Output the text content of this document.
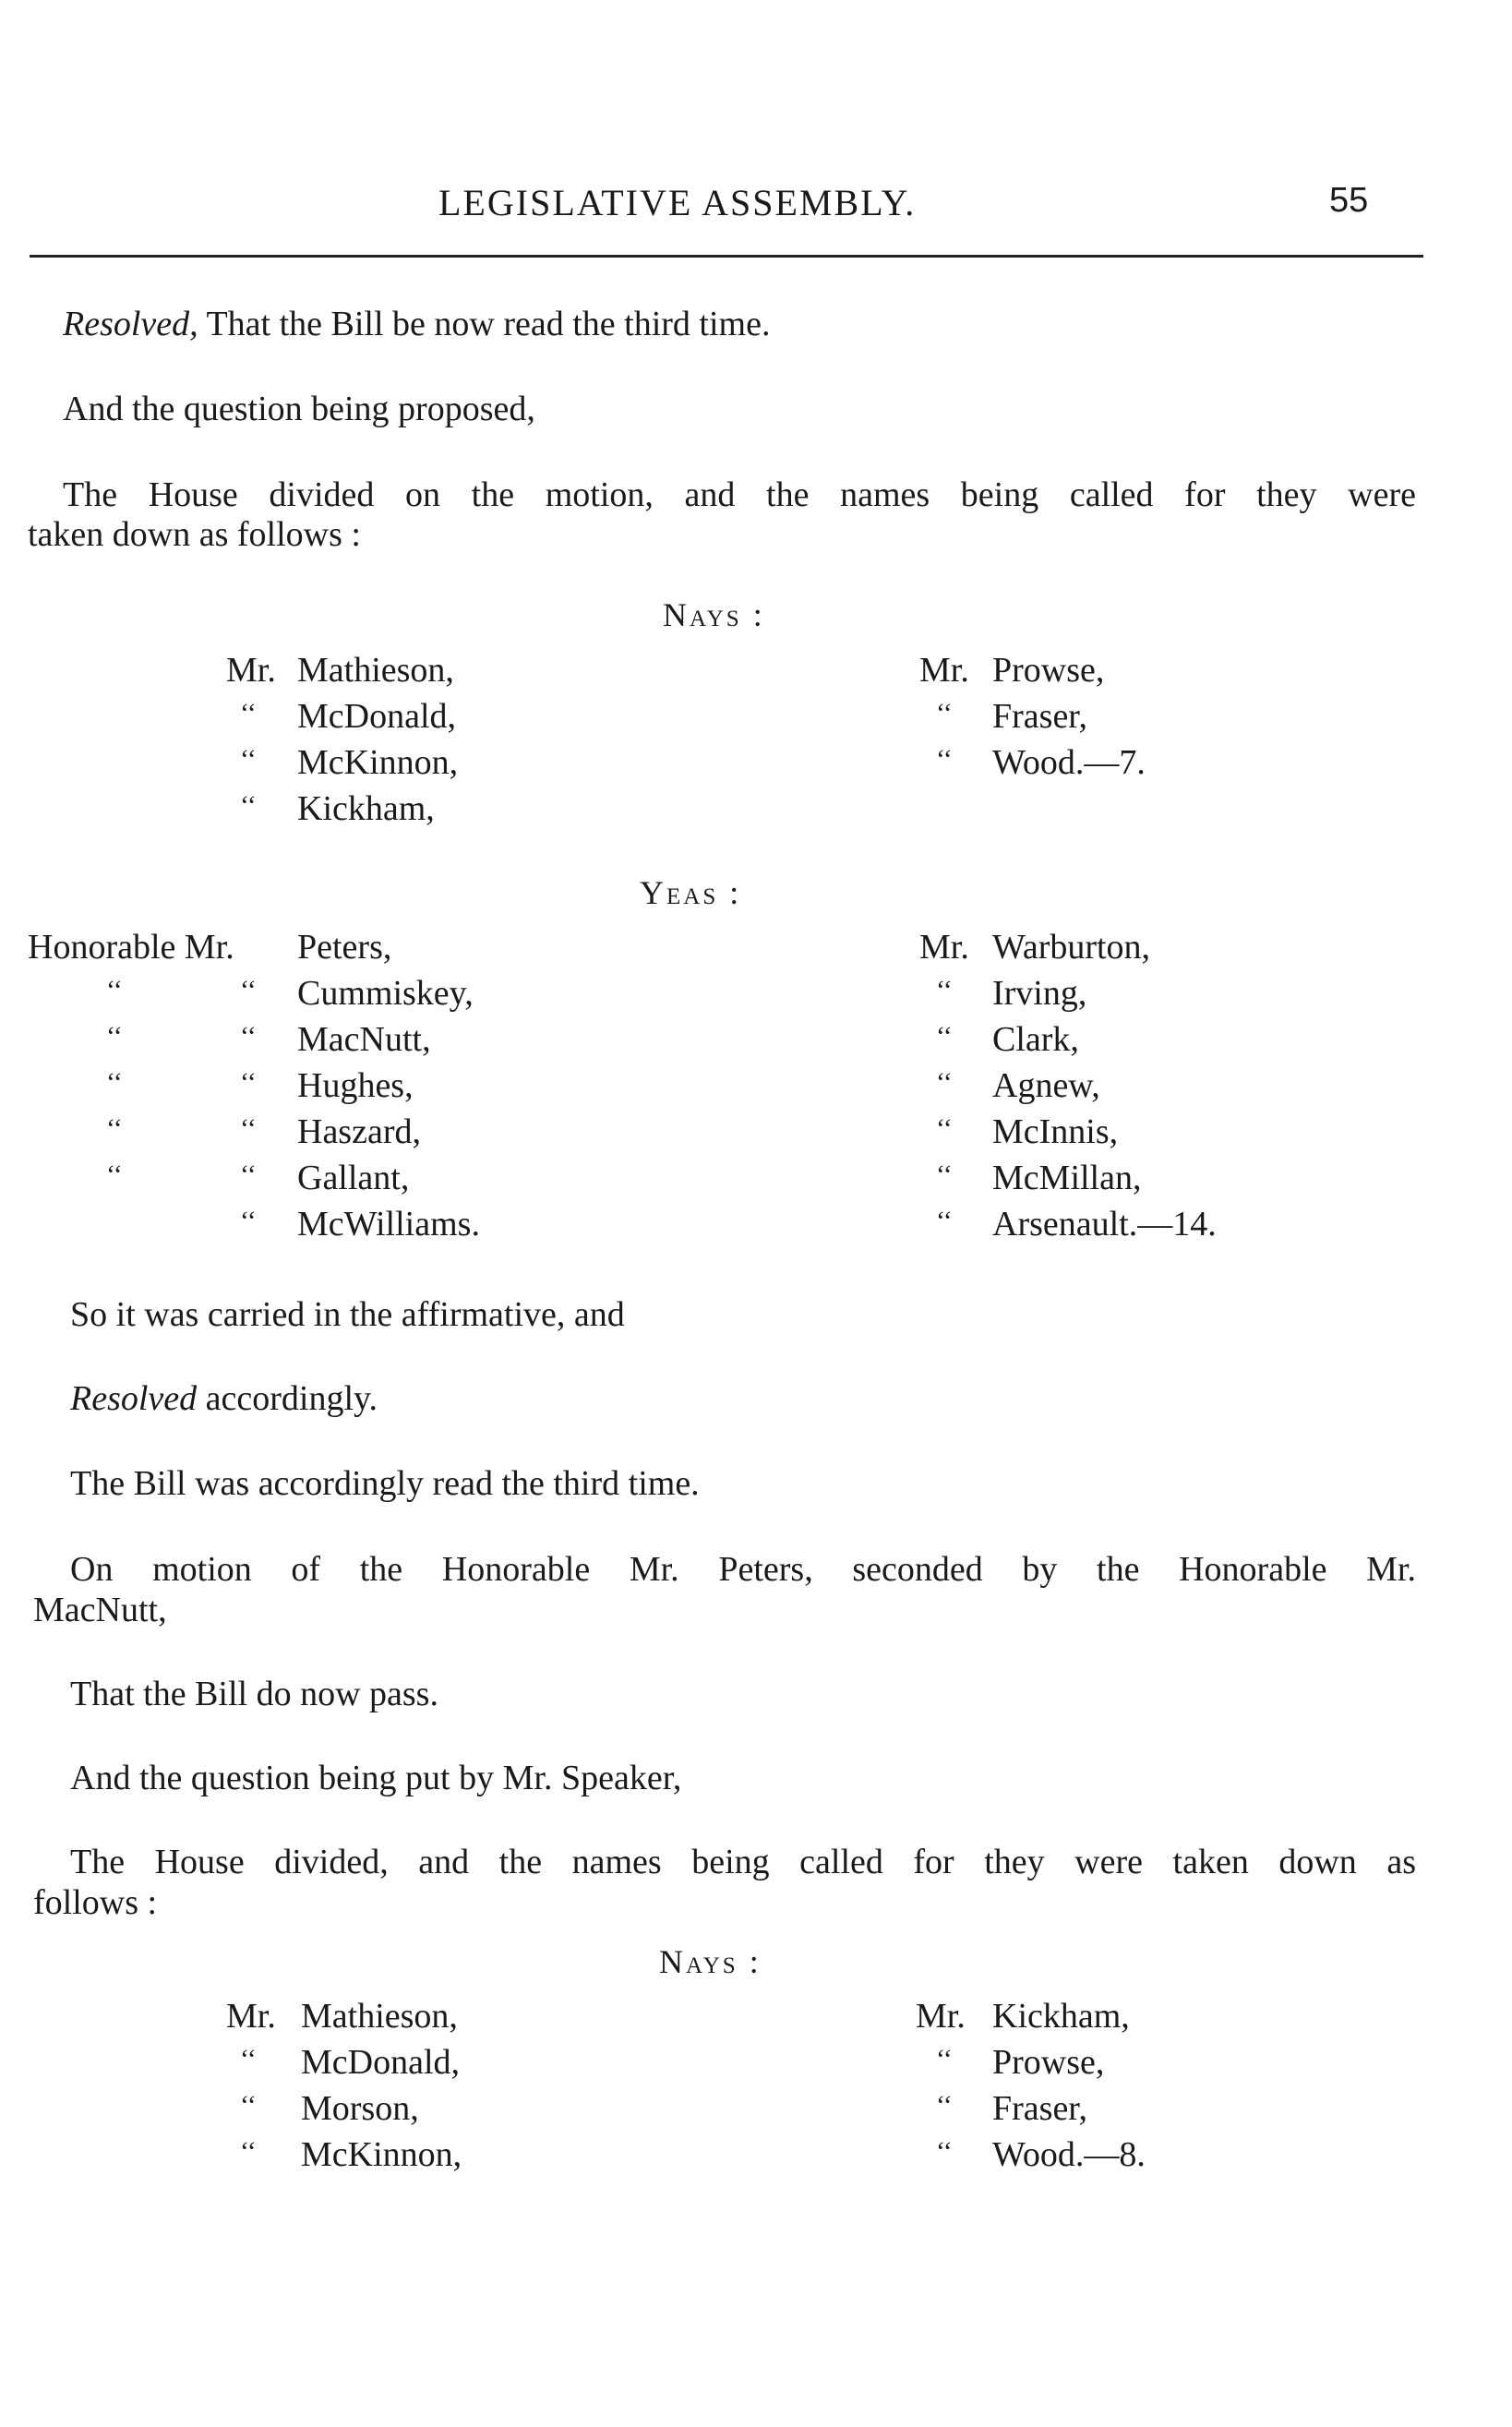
LEGISLATIVE ASSEMBLY.	55
Resolved, That the Bill be now read the third time.
And the question being proposed,
The House divided on the motion, and the names being called for they were
taken down as follows :
Nays :
Mr. Mathieson,
‘‘ McDonald,
‘‘ McKinnon,
‘‘ Kickham,
Mr. Prowse,
‘‘ Fraser,
‘‘ Wood.—7.
Yeas :
Honorable Mr. Peters,
‘‘	‘‘ Cummiskey,
‘‘	‘‘ MacNutt,
‘‘	‘‘ Hughes,
‘‘	‘‘ Haszard,
‘‘	‘‘ Gallant,
‘‘ McWilliams.
Mr. Warburton,
‘‘ Irving,
‘‘ Clark,
‘‘ Agnew,
‘‘ McInnis,
‘‘ McMillan,
‘‘ Arsenault.—14.
So it was carried in the affirmative, and
Resolved accordingly.
The Bill was accordingly read the third time.
On motion of the Honorable Mr. Peters, seconded by the Honorable Mr.
MacNutt,
That the Bill do now pass.
And the question being put by Mr. Speaker,
The House divided, and the names being called for they were taken down as
follows :
Nays :
Mr. Mathieson,
‘‘ McDonald,
‘‘ Morson,
‘‘ McKinnon,
Mr. Kickham,
‘‘ Prowse,
‘‘ Fraser,
‘‘ Wood.—8.
